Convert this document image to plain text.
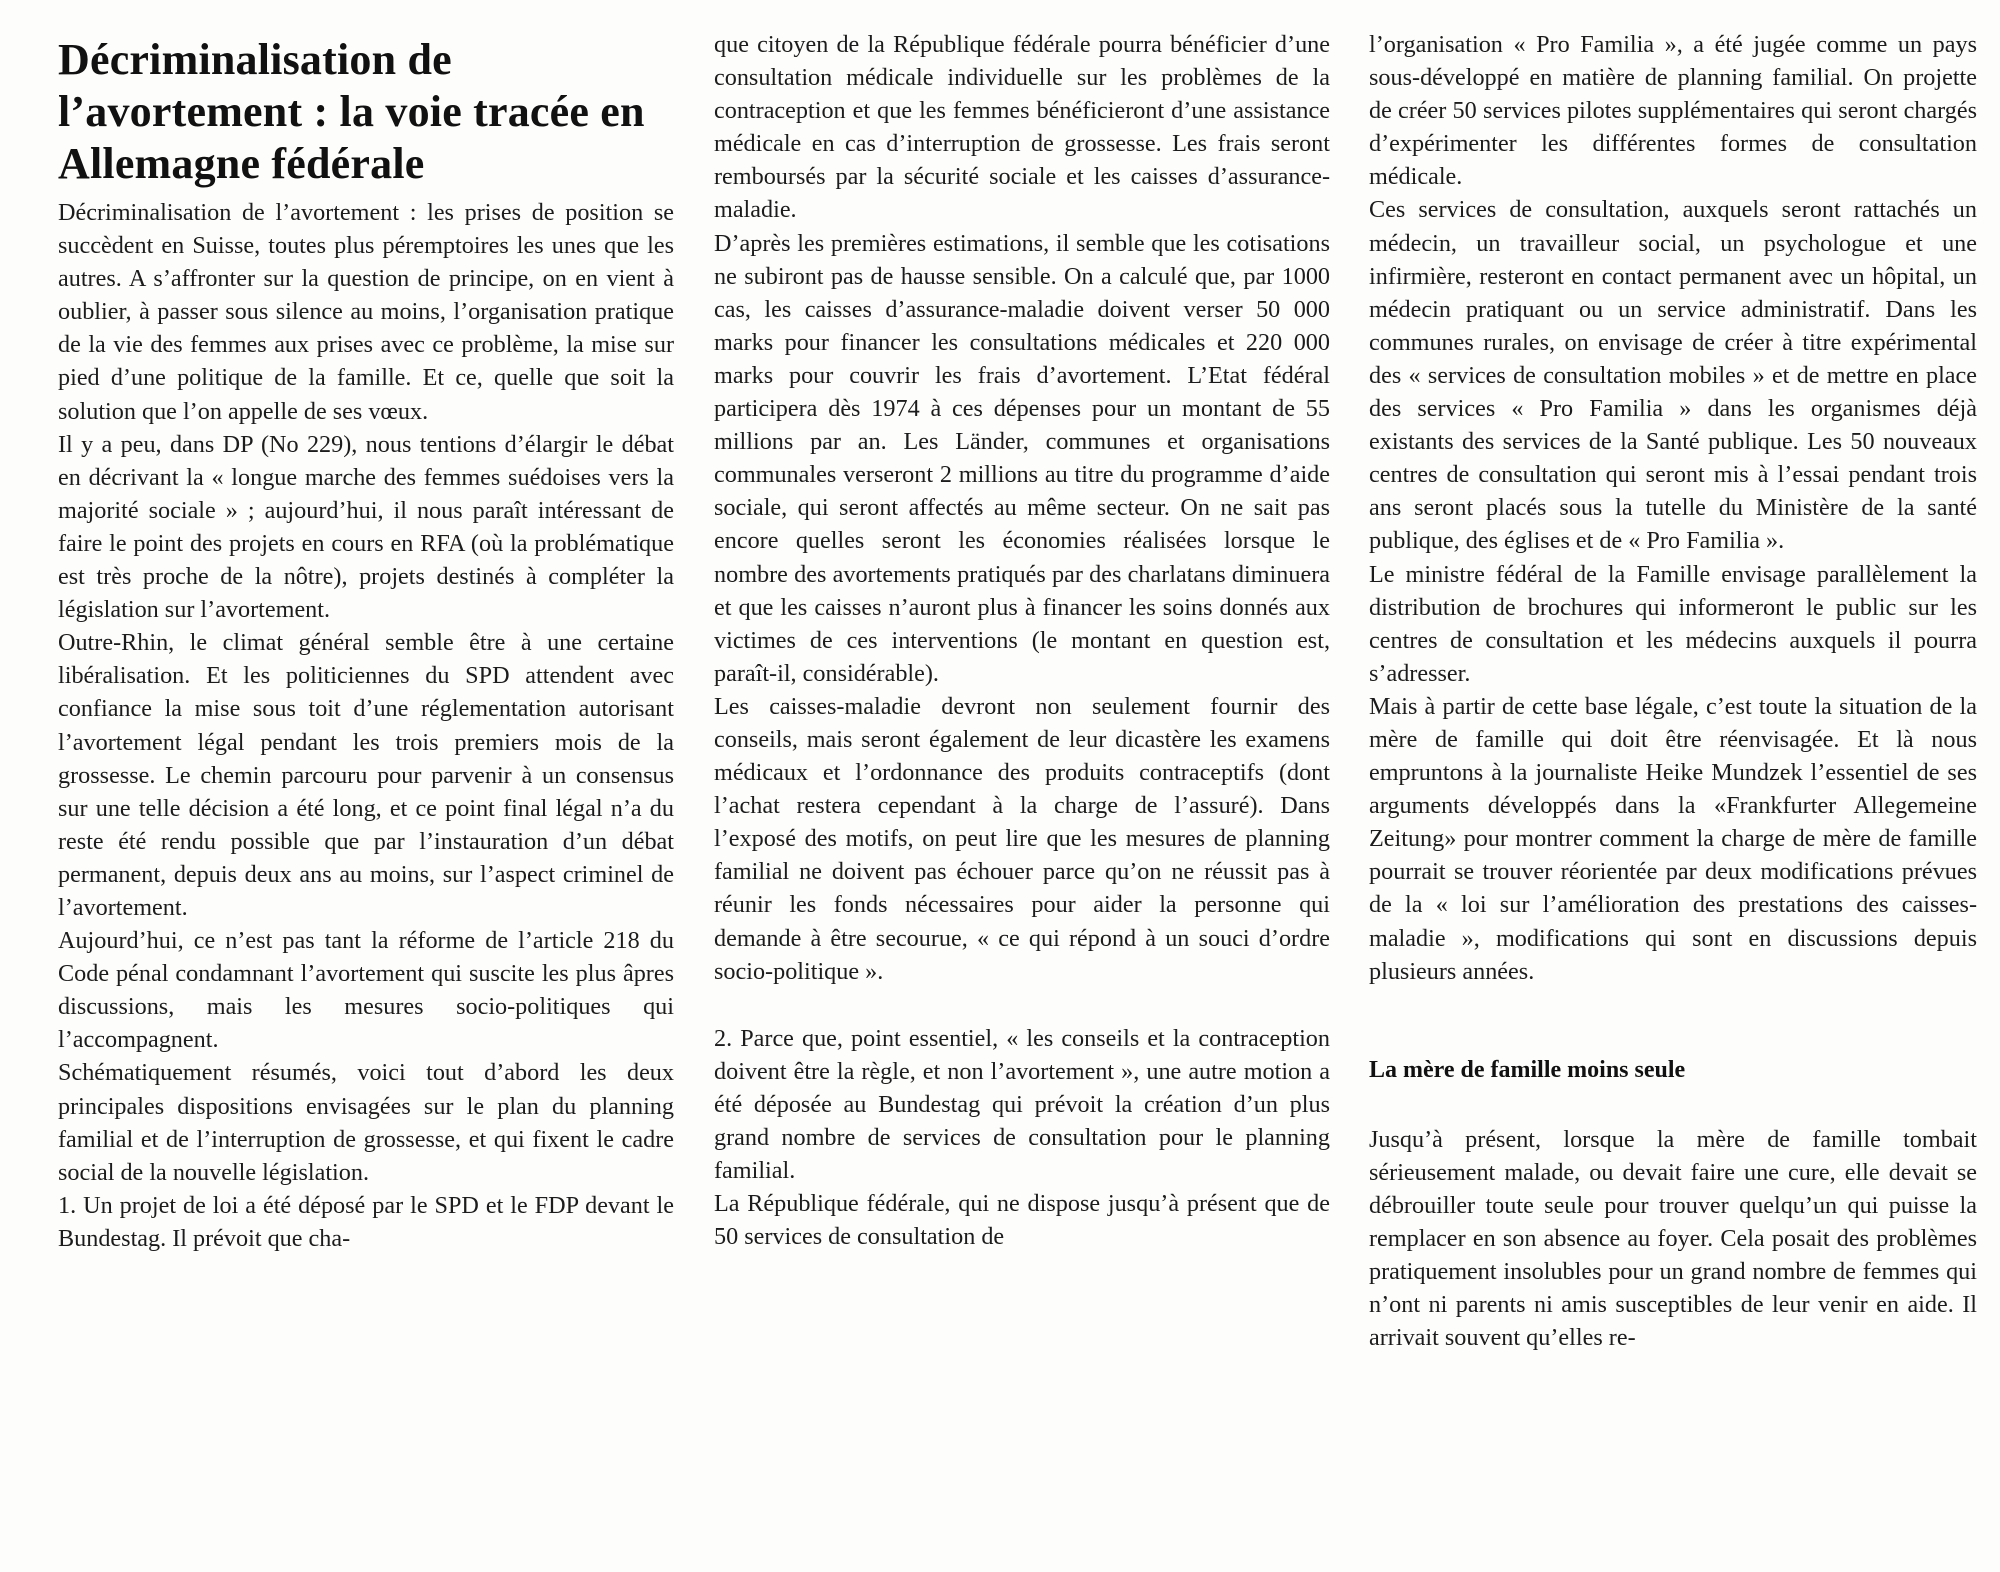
Décriminalisation de l’avortement : la voie tracée en Allemagne fédérale

Décriminalisation de l’avortement : les prises de position se succèdent en Suisse, toutes plus péremptoires les unes que les autres. A s’affronter sur la question de principe, on en vient à oublier, à passer sous silence au moins, l’organisation pratique de la vie des femmes aux prises avec ce problème, la mise sur pied d’une politique de la famille. Et ce, quelle que soit la solution que l’on appelle de ses vœux.

Il y a peu, dans DP (No 229), nous tentions d’élargir le débat en décrivant la « longue marche des femmes suédoises vers la majorité sociale » ; aujourd’hui, il nous paraît intéressant de faire le point des projets en cours en RFA (où la problématique est très proche de la nôtre), projets destinés à compléter la législation sur l’avortement.

Outre-Rhin, le climat général semble être à une certaine libéralisation. Et les politiciennes du SPD attendent avec confiance la mise sous toit d’une réglementation autorisant l’avortement légal pendant les trois premiers mois de la grossesse. Le chemin parcouru pour parvenir à un consensus sur une telle décision a été long, et ce point final légal n’a du reste été rendu possible que par l’instauration d’un débat permanent, depuis deux ans au moins, sur l’aspect criminel de l’avortement.

Aujourd’hui, ce n’est pas tant la réforme de l’article 218 du Code pénal condamnant l’avortement qui suscite les plus âpres discussions, mais les mesures socio-politiques qui l’accompagnent.

Schématiquement résumés, voici tout d’abord les deux principales dispositions envisagées sur le plan du planning familial et de l’interruption de grossesse, et qui fixent le cadre social de la nouvelle législation.

1. Un projet de loi a été déposé par le SPD et le FDP devant le Bundestag. Il prévoit que cha-

que citoyen de la République fédérale pourra bénéficier d’une consultation médicale individuelle sur les problèmes de la contraception et que les femmes bénéficieront d’une assistance médicale en cas d’interruption de grossesse. Les frais seront remboursés par la sécurité sociale et les caisses d’assurance-maladie.

D’après les premières estimations, il semble que les cotisations ne subiront pas de hausse sensible. On a calculé que, par 1000 cas, les caisses d’assurance-maladie doivent verser 50 000 marks pour financer les consultations médicales et 220 000 marks pour couvrir les frais d’avortement. L’Etat fédéral participera dès 1974 à ces dépenses pour un montant de 55 millions par an. Les Länder, communes et organisations communales verseront 2 millions au titre du programme d’aide sociale, qui seront affectés au même secteur. On ne sait pas encore quelles seront les économies réalisées lorsque le nombre des avortements pratiqués par des charlatans diminuera et que les caisses n’auront plus à financer les soins donnés aux victimes de ces interventions (le montant en question est, paraît-il, considérable).

Les caisses-maladie devront non seulement fournir des conseils, mais seront également de leur dicastère les examens médicaux et l’ordonnance des produits contraceptifs (dont l’achat restera cependant à la charge de l’assuré). Dans l’exposé des motifs, on peut lire que les mesures de planning familial ne doivent pas échouer parce qu’on ne réussit pas à réunir les fonds nécessaires pour aider la personne qui demande à être secourue, « ce qui répond à un souci d’ordre socio-politique ».

2. Parce que, point essentiel, « les conseils et la contraception doivent être la règle, et non l’avortement », une autre motion a été déposée au Bundestag qui prévoit la création d’un plus grand nombre de services de consultation pour le planning familial.

La République fédérale, qui ne dispose jusqu’à présent que de 50 services de consultation de

l’organisation « Pro Familia », a été jugée comme un pays sous-développé en matière de planning familial. On projette de créer 50 services pilotes supplémentaires qui seront chargés d’expérimenter les différentes formes de consultation médicale.

Ces services de consultation, auxquels seront rattachés un médecin, un travailleur social, un psychologue et une infirmière, resteront en contact permanent avec un hôpital, un médecin pratiquant ou un service administratif. Dans les communes rurales, on envisage de créer à titre expérimental des « services de consultation mobiles » et de mettre en place des services « Pro Familia » dans les organismes déjà existants des services de la Santé publique. Les 50 nouveaux centres de consultation qui seront mis à l’essai pendant trois ans seront placés sous la tutelle du Ministère de la santé publique, des églises et de « Pro Familia ».

Le ministre fédéral de la Famille envisage parallèlement la distribution de brochures qui informeront le public sur les centres de consultation et les médecins auxquels il pourra s’adresser.

Mais à partir de cette base légale, c’est toute la situation de la mère de famille qui doit être réenvisagée. Et là nous empruntons à la journaliste Heike Mundzek l’essentiel de ses arguments développés dans la «Frankfurter Allegemeine Zeitung» pour montrer comment la charge de mère de famille pourrait se trouver réorientée par deux modifications prévues de la « loi sur l’amélioration des prestations des caisses-maladie », modifications qui sont en discussions depuis plusieurs années.

La mère de famille moins seule

Jusqu’à présent, lorsque la mère de famille tombait sérieusement malade, ou devait faire une cure, elle devait se débrouiller toute seule pour trouver quelqu’un qui puisse la remplacer en son absence au foyer. Cela posait des problèmes pratiquement insolubles pour un grand nombre de femmes qui n’ont ni parents ni amis susceptibles de leur venir en aide. Il arrivait souvent qu’elles re-
